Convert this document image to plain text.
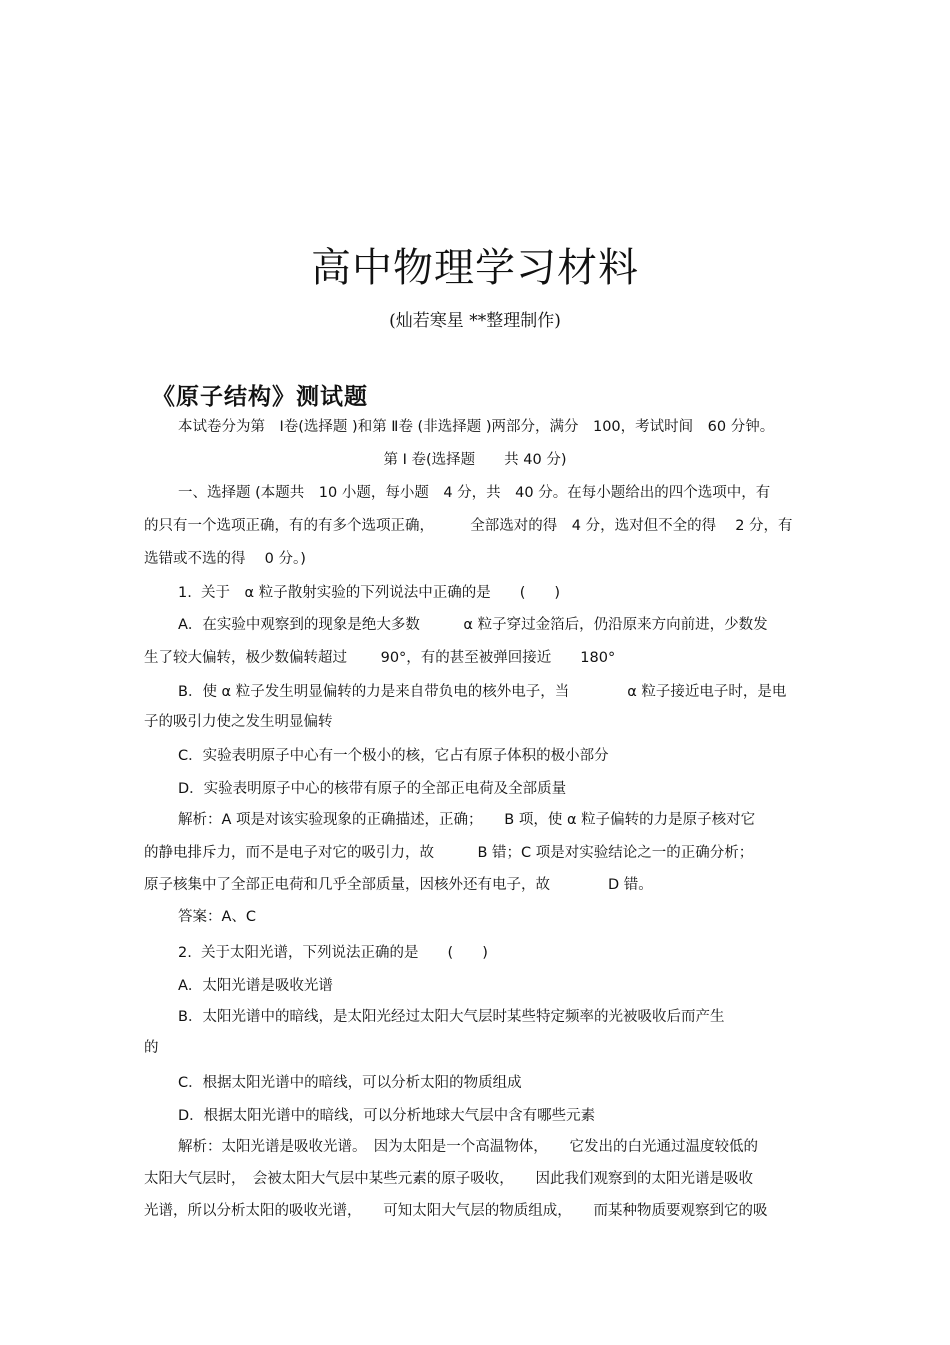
高中物理学习材料
(灿若寒星 **整理制作)
《原子结构》测试题
本试卷分为第　Ⅰ卷(选择题 )和第 Ⅱ卷 (非选择题 )两部分，满分　100，考试时间　60 分钟。
第 Ⅰ 卷(选择题　　共 40 分)
一、选择题 (本题共　10 小题，每小题　4 分，共　40 分。在每小题给出的四个选项中，有
的只有一个选项正确，有的有多个选项正确，　　　全部选对的得　4 分，选对但不全的得　 2 分，有
选错或不选的得　 0 分。)
1.  关于　α 粒子散射实验的下列说法中正确的是　　(　　)
A．在实验中观察到的现象是绝大多数　　　α 粒子穿过金箔后，仍沿原来方向前进，少数发
生了较大偏转，极少数偏转超过　　 90°，有的甚至被弹回接近　　180°
B．使 α 粒子发生明显偏转的力是来自带负电的核外电子，当　　　　α 粒子接近电子时，是电
子的吸引力使之发生明显偏转
C．实验表明原子中心有一个极小的核，它占有原子体积的极小部分
D．实验表明原子中心的核带有原子的全部正电荷及全部质量
解析：A 项是对该实验现象的正确描述，正确；　　B 项，使 α 粒子偏转的力是原子核对它
的静电排斥力，而不是电子对它的吸引力，故　　　B 错；C 项是对实验结论之一的正确分析；
原子核集中了全部正电荷和几乎全部质量，因核外还有电子，故　　　　D 错。
答案：A、C
2.  关于太阳光谱，下列说法正确的是　　(　　)
A．太阳光谱是吸收光谱
B．太阳光谱中的暗线，是太阳光经过太阳大气层时某些特定频率的光被吸收后而产生
的
C．根据太阳光谱中的暗线，可以分析太阳的物质组成
D．根据太阳光谱中的暗线，可以分析地球大气层中含有哪些元素
解析：太阳光谱是吸收光谱。　因为太阳是一个高温物体，　　它发出的白光通过温度较低的
太阳大气层时，　会被太阳大气层中某些元素的原子吸收，　　因此我们观察到的太阳光谱是吸收
光谱，所以分析太阳的吸收光谱，　　可知太阳大气层的物质组成，　　而某种物质要观察到它的吸
